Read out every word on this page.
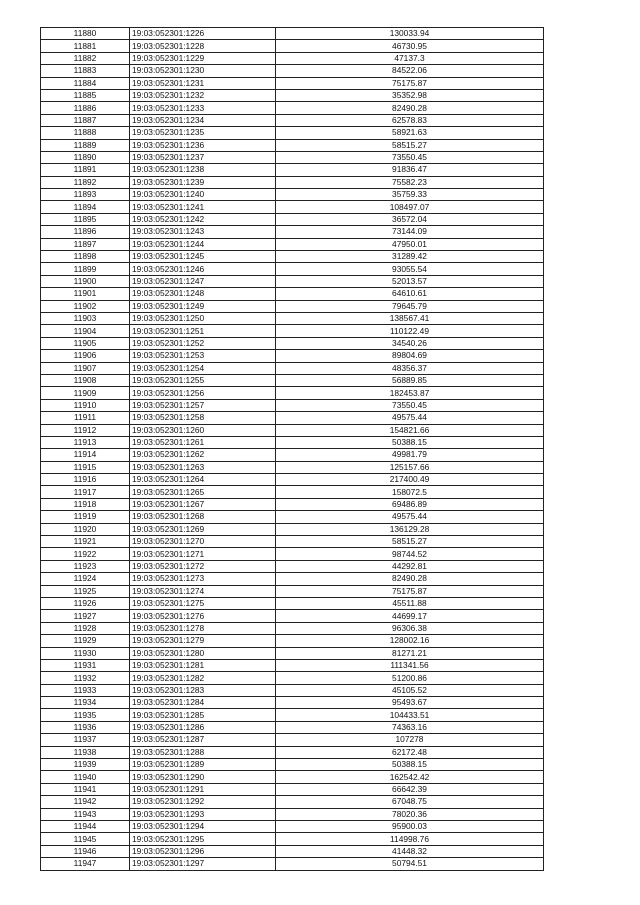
11880	19:03:052301:1226	130033.94
11881	19:03:052301:1228	46730.95
11882	19:03:052301:1229	47137.3
11883	19:03:052301:1230	84522.06
11884	19:03:052301:1231	75175.87
11885	19:03:052301:1232	35352.98
11886	19:03:052301:1233	82490.28
11887	19:03:052301:1234	62578.83
11888	19:03:052301:1235	58921.63
11889	19:03:052301:1236	58515.27
11890	19:03:052301:1237	73550.45
11891	19:03:052301:1238	91836.47
11892	19:03:052301:1239	75582.23
11893	19:03:052301:1240	35759.33
11894	19:03:052301:1241	108497.07
11895	19:03:052301:1242	36572.04
11896	19:03:052301:1243	73144.09
11897	19:03:052301:1244	47950.01
11898	19:03:052301:1245	31289.42
11899	19:03:052301:1246	93055.54
11900	19:03:052301:1247	52013.57
11901	19:03:052301:1248	64610.61
11902	19:03:052301:1249	79645.79
11903	19:03:052301:1250	138567.41
11904	19:03:052301:1251	110122.49
11905	19:03:052301:1252	34540.26
11906	19:03:052301:1253	89804.69
11907	19:03:052301:1254	48356.37
11908	19:03:052301:1255	56889.85
11909	19:03:052301:1256	182453.87
11910	19:03:052301:1257	73550.45
11911	19:03:052301:1258	49575.44
11912	19:03:052301:1260	154821.66
11913	19:03:052301:1261	50388.15
11914	19:03:052301:1262	49981.79
11915	19:03:052301:1263	125157.66
11916	19:03:052301:1264	217400.49
11917	19:03:052301:1265	158072.5
11918	19:03:052301:1267	69486.89
11919	19:03:052301:1268	49575.44
11920	19:03:052301:1269	136129.28
11921	19:03:052301:1270	58515.27
11922	19:03:052301:1271	98744.52
11923	19:03:052301:1272	44292.81
11924	19:03:052301:1273	82490.28
11925	19:03:052301:1274	75175.87
11926	19:03:052301:1275	45511.88
11927	19:03:052301:1276	44699.17
11928	19:03:052301:1278	96306.38
11929	19:03:052301:1279	128002.16
11930	19:03:052301:1280	81271.21
11931	19:03:052301:1281	111341.56
11932	19:03:052301:1282	51200.86
11933	19:03:052301:1283	45105.52
11934	19:03:052301:1284	95493.67
11935	19:03:052301:1285	104433.51
11936	19:03:052301:1286	74363.16
11937	19:03:052301:1287	107278
11938	19:03:052301:1288	62172.48
11939	19:03:052301:1289	50388.15
11940	19:03:052301:1290	162542.42
11941	19:03:052301:1291	66642.39
11942	19:03:052301:1292	67048.75
11943	19:03:052301:1293	78020.36
11944	19:03:052301:1294	95900.03
11945	19:03:052301:1295	114998.76
11946	19:03:052301:1296	41448.32
11947	19:03:052301:1297	50794.51
